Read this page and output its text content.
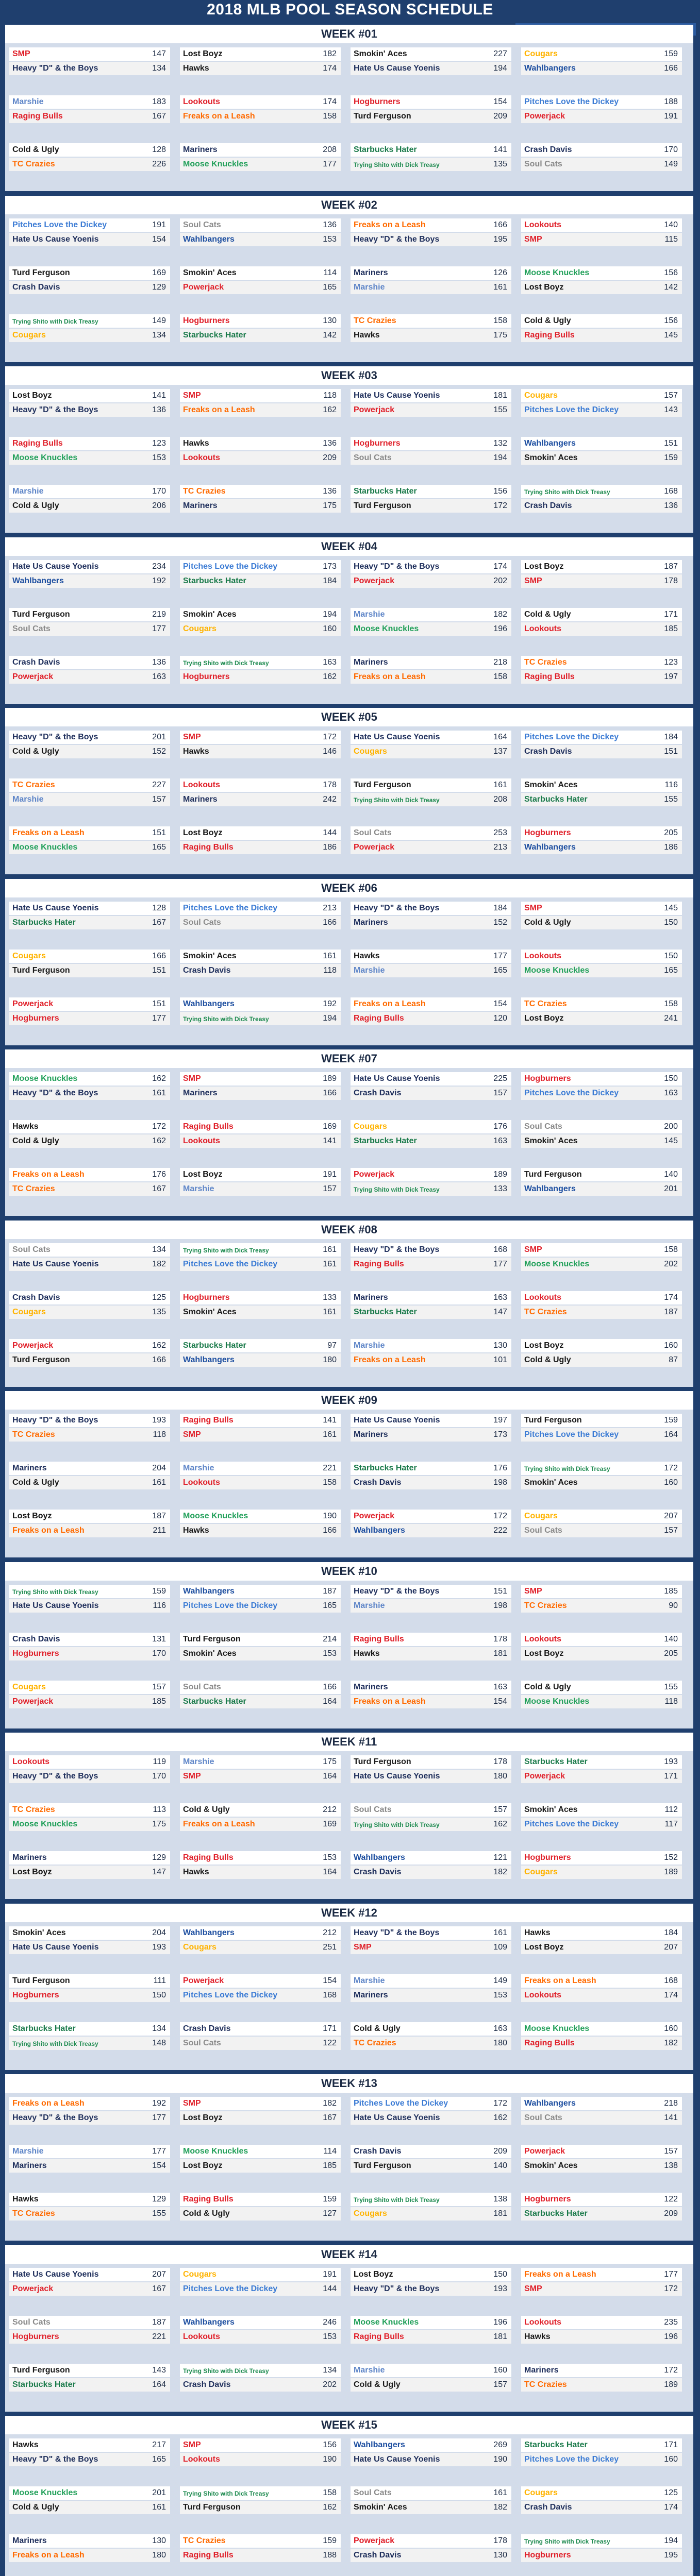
2018 MLB POOL SEASON SCHEDULE
WEEK #01
SMP	147
Heavy "D" & the Boys	134
Lost Boyz	182
Hawks	174
Smokin' Aces	227
Hate Us Cause Yoenis	194
Cougars	159
Wahlbangers	166
Marshie	183
Raging Bulls	167
Lookouts	174
Freaks on a Leash	158
Hogburners	154
Turd Ferguson	209
Pitches Love the Dickey	188
Powerjack	191
Cold & Ugly	128
TC Crazies	226
Mariners	208
Moose Knuckles	177
Starbucks Hater	141
Trying Shito with Dick Treasy	135
Crash Davis	170
Soul Cats	149
WEEK #02
Pitches Love the Dickey	191
Hate Us Cause Yoenis	154
Soul Cats	136
Wahlbangers	153
Freaks on a Leash	166
Heavy "D" & the Boys	195
Lookouts	140
SMP	115
Turd Ferguson	169
Crash Davis	129
Smokin' Aces	114
Powerjack	165
Mariners	126
Marshie	161
Moose Knuckles	156
Lost Boyz	142
Trying Shito with Dick Treasy	149
Cougars	134
Hogburners	130
Starbucks Hater	142
TC Crazies	158
Hawks	175
Cold & Ugly	156
Raging Bulls	145
WEEK #03
Lost Boyz	141
Heavy "D" & the Boys	136
SMP	118
Freaks on a Leash	162
Hate Us Cause Yoenis	181
Powerjack	155
Cougars	157
Pitches Love the Dickey	143
Raging Bulls	123
Moose Knuckles	153
Hawks	136
Lookouts	209
Hogburners	132
Soul Cats	194
Wahlbangers	151
Smokin' Aces	159
Marshie	170
Cold & Ugly	206
TC Crazies	136
Mariners	175
Starbucks Hater	156
Turd Ferguson	172
Trying Shito with Dick Treasy	168
Crash Davis	136
WEEK #04
Hate Us Cause Yoenis	234
Wahlbangers	192
Pitches Love the Dickey	173
Starbucks Hater	184
Heavy "D" & the Boys	174
Powerjack	202
Lost Boyz	187
SMP	178
Turd Ferguson	219
Soul Cats	177
Smokin' Aces	194
Cougars	160
Marshie	182
Moose Knuckles	196
Cold & Ugly	171
Lookouts	185
Crash Davis	136
Powerjack	163
Trying Shito with Dick Treasy	163
Hogburners	162
Mariners	218
Freaks on a Leash	158
TC Crazies	123
Raging Bulls	197
WEEK #05
Heavy "D" & the Boys	201
Cold & Ugly	152
SMP	172
Hawks	146
Hate Us Cause Yoenis	164
Cougars	137
Pitches Love the Dickey	184
Crash Davis	151
TC Crazies	227
Marshie	157
Lookouts	178
Mariners	242
Turd Ferguson	161
Trying Shito with Dick Treasy	208
Smokin' Aces	116
Starbucks Hater	155
Freaks on a Leash	151
Moose Knuckles	165
Lost Boyz	144
Raging Bulls	186
Soul Cats	253
Powerjack	213
Hogburners	205
Wahlbangers	186
WEEK #06
Hate Us Cause Yoenis	128
Starbucks Hater	167
Pitches Love the Dickey	213
Soul Cats	166
Heavy "D" & the Boys	184
Mariners	152
SMP	145
Cold & Ugly	150
Cougars	166
Turd Ferguson	151
Smokin' Aces	161
Crash Davis	118
Hawks	177
Marshie	165
Lookouts	150
Moose Knuckles	165
Powerjack	151
Hogburners	177
Wahlbangers	192
Trying Shito with Dick Treasy	194
Freaks on a Leash	154
Raging Bulls	120
TC Crazies	158
Lost Boyz	241
WEEK #07
Moose Knuckles	162
Heavy "D" & the Boys	161
SMP	189
Mariners	166
Hate Us Cause Yoenis	225
Crash Davis	157
Hogburners	150
Pitches Love the Dickey	163
Hawks	172
Cold & Ugly	162
Raging Bulls	169
Lookouts	141
Cougars	176
Starbucks Hater	163
Soul Cats	200
Smokin' Aces	145
Freaks on a Leash	176
TC Crazies	167
Lost Boyz	191
Marshie	157
Powerjack	189
Trying Shito with Dick Treasy	133
Turd Ferguson	140
Wahlbangers	201
WEEK #08
Soul Cats	134
Hate Us Cause Yoenis	182
Trying Shito with Dick Treasy	161
Pitches Love the Dickey	161
Heavy "D" & the Boys	168
Raging Bulls	177
SMP	158
Moose Knuckles	202
Crash Davis	125
Cougars	135
Hogburners	133
Smokin' Aces	161
Mariners	163
Starbucks Hater	147
Lookouts	174
TC Crazies	187
Powerjack	162
Turd Ferguson	166
Starbucks Hater	97
Wahlbangers	180
Marshie	130
Freaks on a Leash	101
Lost Boyz	160
Cold & Ugly	87
WEEK #09
Heavy "D" & the Boys	193
TC Crazies	118
Raging Bulls	141
SMP	161
Hate Us Cause Yoenis	197
Mariners	173
Turd Ferguson	159
Pitches Love the Dickey	164
Mariners	204
Cold & Ugly	161
Marshie	221
Lookouts	158
Starbucks Hater	176
Crash Davis	198
Trying Shito with Dick Treasy	172
Smokin' Aces	160
Lost Boyz	187
Freaks on a Leash	211
Moose Knuckles	190
Hawks	166
Powerjack	172
Wahlbangers	222
Cougars	207
Soul Cats	157
WEEK #10
Trying Shito with Dick Treasy	159
Hate Us Cause Yoenis	116
Wahlbangers	187
Pitches Love the Dickey	165
Heavy "D" & the Boys	151
Marshie	198
SMP	185
TC Crazies	90
Crash Davis	131
Hogburners	170
Turd Ferguson	214
Smokin' Aces	153
Raging Bulls	178
Hawks	181
Lookouts	140
Lost Boyz	205
Cougars	157
Powerjack	185
Soul Cats	166
Starbucks Hater	164
Mariners	163
Freaks on a Leash	154
Cold & Ugly	155
Moose Knuckles	118
WEEK #11
Lookouts	119
Heavy "D" & the Boys	170
Marshie	175
SMP	164
Turd Ferguson	178
Hate Us Cause Yoenis	180
Starbucks Hater	193
Powerjack	171
TC Crazies	113
Moose Knuckles	175
Cold & Ugly	212
Freaks on a Leash	169
Soul Cats	157
Trying Shito with Dick Treasy	162
Smokin' Aces	112
Pitches Love the Dickey	117
Mariners	129
Lost Boyz	147
Raging Bulls	153
Hawks	164
Wahlbangers	121
Crash Davis	182
Hogburners	152
Cougars	189
WEEK #12
Smokin' Aces	204
Hate Us Cause Yoenis	193
Wahlbangers	212
Cougars	251
Heavy "D" & the Boys	161
SMP	109
Hawks	184
Lost Boyz	207
Turd Ferguson	111
Hogburners	150
Powerjack	154
Pitches Love the Dickey	168
Marshie	149
Mariners	153
Freaks on a Leash	168
Lookouts	174
Starbucks Hater	134
Trying Shito with Dick Treasy	148
Crash Davis	171
Soul Cats	122
Cold & Ugly	163
TC Crazies	180
Moose Knuckles	160
Raging Bulls	182
WEEK #13
Freaks on a Leash	192
Heavy "D" & the Boys	177
SMP	182
Lost Boyz	167
Pitches Love the Dickey	172
Hate Us Cause Yoenis	162
Wahlbangers	218
Soul Cats	141
Marshie	177
Mariners	154
Moose Knuckles	114
Lost Boyz	185
Crash Davis	209
Turd Ferguson	140
Powerjack	157
Smokin' Aces	138
Hawks	129
TC Crazies	155
Raging Bulls	159
Cold & Ugly	127
Trying Shito with Dick Treasy	138
Cougars	181
Hogburners	122
Starbucks Hater	209
WEEK #14
Hate Us Cause Yoenis	207
Powerjack	167
Cougars	191
Pitches Love the Dickey	144
Lost Boyz	150
Heavy "D" & the Boys	193
Freaks on a Leash	177
SMP	172
Soul Cats	187
Hogburners	221
Wahlbangers	246
Lookouts	153
Moose Knuckles	196
Raging Bulls	181
Lookouts	235
Hawks	196
Turd Ferguson	143
Starbucks Hater	164
Trying Shito with Dick Treasy	134
Crash Davis	202
Marshie	160
Cold & Ugly	157
Mariners	172
TC Crazies	189
WEEK #15
Hawks	217
Heavy "D" & the Boys	165
SMP	156
Lookouts	190
Wahlbangers	269
Hate Us Cause Yoenis	190
Starbucks Hater	171
Pitches Love the Dickey	160
Moose Knuckles	201
Cold & Ugly	161
Trying Shito with Dick Treasy	158
Turd Ferguson	162
Soul Cats	161
Smokin' Aces	182
Cougars	125
Crash Davis	174
Mariners	130
Freaks on a Leash	180
TC Crazies	159
Raging Bulls	188
Powerjack	178
Crash Davis	130
Trying Shito with Dick Treasy	194
Hogburners	195
